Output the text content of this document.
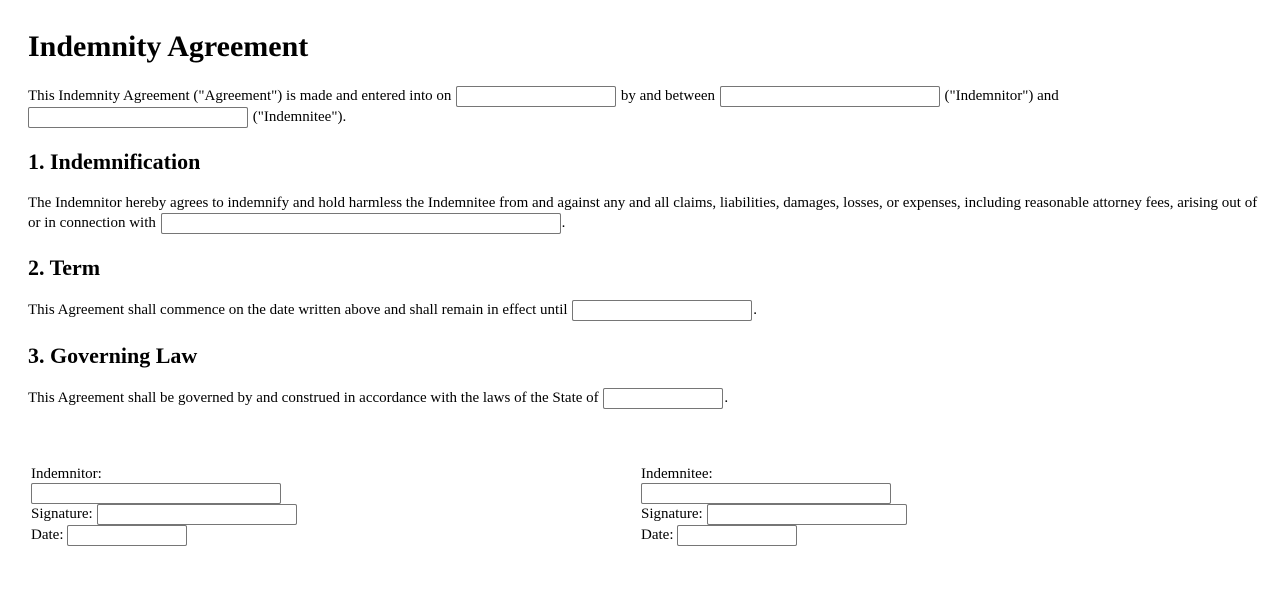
Indemnity Agreement

This Indemnity Agreement ("Agreement") is made and entered into on	by and between	("Indemnitor") and
("Indemnitee").

1. Indemnification

The Indemnitor hereby agrees to indemnify and hold harmless the Indemnitee from and against any and all claims, liabilities, damages, losses, or expenses, including reasonable attorney fees, arising out of or in connection with	.

2. Term

This Agreement shall commence on the date written above and shall remain in effect until	.

3. Governing Law

This Agreement shall be governed by and construed in accordance with the laws of the State of	.

Indemnitor:
Signature:
Date:
Indemnitee:
Signature:
Date:
